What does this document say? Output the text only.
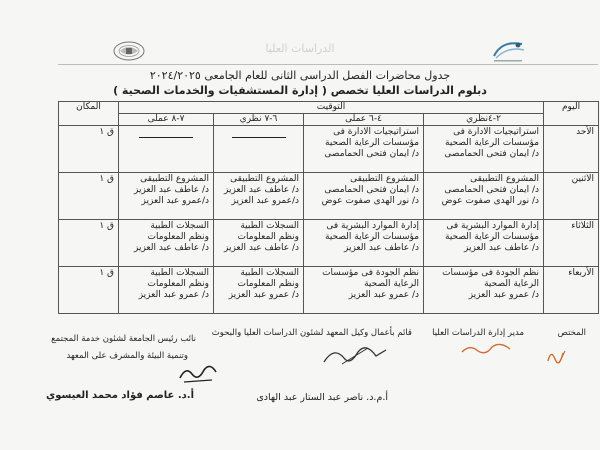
الدراسات العليا
جدول محاضرات الفصل الدراسى الثانى للعام الجامعى ٢٠٢٤/٢٠٢٥
دبلوم الدراسات العليا تخصص ( إدارة المستشفيات والخدمات الصحية )
اليوم	التوقيت				المكان
	٢-٤نظري	٤-٦ عملى	٦-٧ نظري	٧-٨ عملى	
الأحد	استراتيجيات الادارة فى
مؤسسات الرعاية الصحية
د/ ايمان فتحى الحمامصى	استراتيجيات الادارة فى
مؤسسات الرعاية الصحية
د/ ايمان فتحى الحمامصى			ق ١
الاثنين	المشروع التطبيقى
د/ ايمان فتحى الحمامصى
د/ نور الهدى صفوت عوض	المشروع التطبيقى
د/ ايمان فتحى الحمامصى
د/ نور الهدى صفوت عوض	المشروع التطبيقى
د/ عاطف عبد العزيز
د/عمرو عبد العزيز	المشروع التطبيقى
د/ عاطف عبد العزيز
د/عمرو عبد العزيز	ق ١
الثلاثاء	إدارة الموارد البشرية فى
مؤسسات الرعاية الصحية
د/ عاطف عبد العزيز	إدارة الموارد البشرية فى
مؤسسات الرعاية الصحية
د/ عاطف عبد العزيز	السجلات الطبية
ونظم المعلومات
د/ عاطف عبد العزيز	السجلات الطبية
ونظم المعلومات
د/ عاطف عبد العزيز	ق ١
الأربعاء	نظم الجودة فى مؤسسات
الرعاية الصحية
د/ عمرو عبد العزيز	نظم الجودة فى مؤسسات
الرعاية الصحية
د/ عمرو عبد العزيز	السجلات الطبية
ونظم المعلومات
د/ عمرو عبد العزيز	السجلات الطبية
ونظم المعلومات
د/ عمرو عبد العزيز	ق ١
المختص
مدير إدارة الدراسات العليا
قائم بأعمال وكيل المعهد لشئون الدراسات العليا والبحوث
نائب رئيس الجامعة لشئون خدمة المجتمع
وتنمية البيئة والمشرف على المعهد
أ.م.د. ناصر عبد الستار عبد الهادى
أ.د. عاصم فؤاد محمد العيسوي
